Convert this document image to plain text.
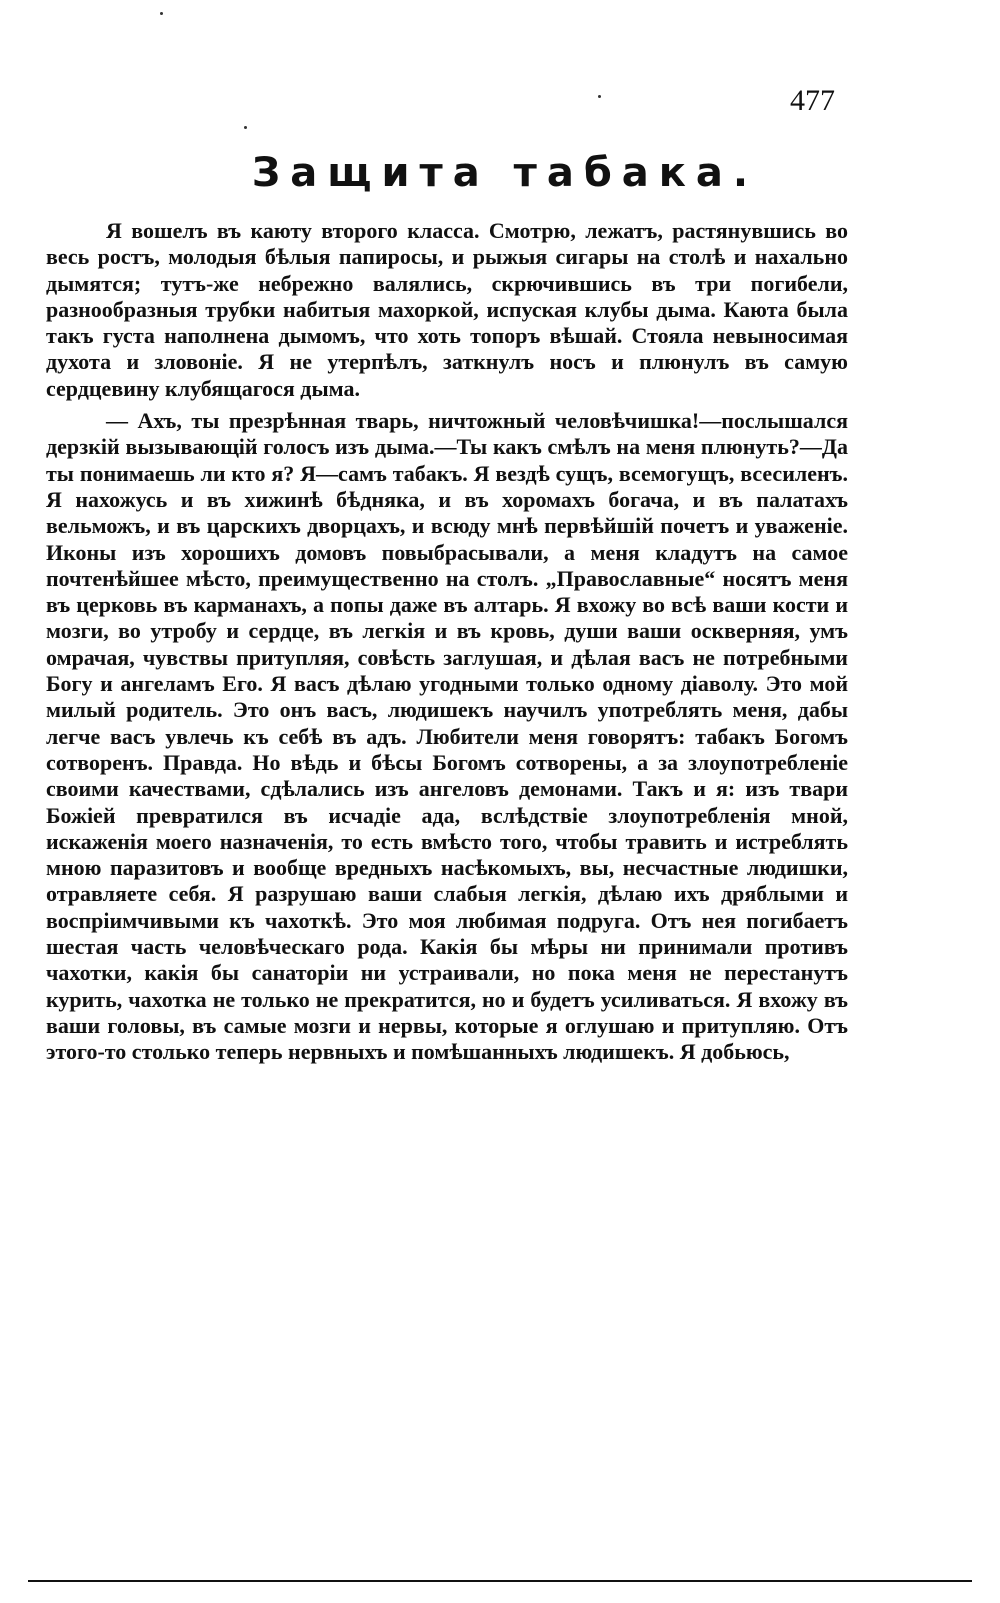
477
Защита табака.

Я вошелъ въ каюту второго класса. Смотрю, лежатъ, растянувшись во весь ростъ, молодыя бѣлыя папиросы, и рыжыя сигары на столѣ и нахально дымятся; тутъ-же небрежно валялись, скрючившись въ три погибели, разнообразныя трубки набитыя махоркой, испуская клубы дыма. Каюта была такъ густа наполнена дымомъ, что хоть топоръ вѣшай. Стояла невыносимая духота и зловоніе. Я не утерпѣлъ, заткнулъ носъ и плюнулъ въ самую сердцевину клубящагося дыма.

— Ахъ, ты презрѣнная тварь, ничтожный человѣчишка!—послышался дерзкій вызывающій голосъ изъ дыма.—Ты какъ смѣлъ на меня плюнуть?—Да ты понимаешь ли кто я? Я—самъ табакъ. Я вездѣ сущъ, всемогущъ, всесиленъ. Я нахожусь и въ хижинѣ бѣдняка, и въ хоромахъ богача, и въ палатахъ вельможъ, и въ царскихъ дворцахъ, и всюду мнѣ первѣйшій почетъ и уваженіе. Иконы изъ хорошихъ домовъ повыбрасывали, а меня кладутъ на самое почтенѣйшее мѣсто, преимущественно на столъ. „Православные“ носятъ меня въ церковь въ карманахъ, а попы даже въ алтарь. Я вхожу во всѣ ваши кости и мозги, во утробу и сердце, въ легкія и въ кровь, души ваши оскверняя, умъ омрачая, чувствы притупляя, совѣсть заглушая, и дѣлая васъ не потребными Богу и ангеламъ Его. Я васъ дѣлаю угодными только одному діаволу. Это мой милый родитель. Это онъ васъ, людишекъ научилъ употреблять меня, дабы легче васъ увлечь къ себѣ въ адъ. Любители меня говорятъ: табакъ Богомъ сотворенъ. Правда. Но вѣдь и бѣсы Богомъ сотворены, а за злоупотребленіе своими качествами, сдѣлались изъ ангеловъ демонами. Такъ и я: изъ твари Божіей превратился въ исчадіе ада, вслѣдствіе злоупотребленія мной, искаженія моего назначенія, то есть вмѣсто того, чтобы травить и истреблять мною паразитовъ и вообще вредныхъ насѣкомыхъ, вы, несчастные людишки, отравляете себя. Я разрушаю ваши слабыя легкія, дѣлаю ихъ дряблыми и воспріимчивыми къ чахоткѣ. Это моя любимая подруга. Отъ нея погибаетъ шестая часть человѣческаго рода. Какія бы мѣры ни принимали противъ чахотки, какія бы санаторіи ни устраивали, но пока меня не перестанутъ курить, чахотка не только не прекратится, но и будетъ усиливаться. Я вхожу въ ваши головы, въ самые мозги и нервы, которые я оглушаю и притупляю. Отъ этого-то столько теперь нервныхъ и помѣшанныхъ людишекъ. Я добьюсь,
